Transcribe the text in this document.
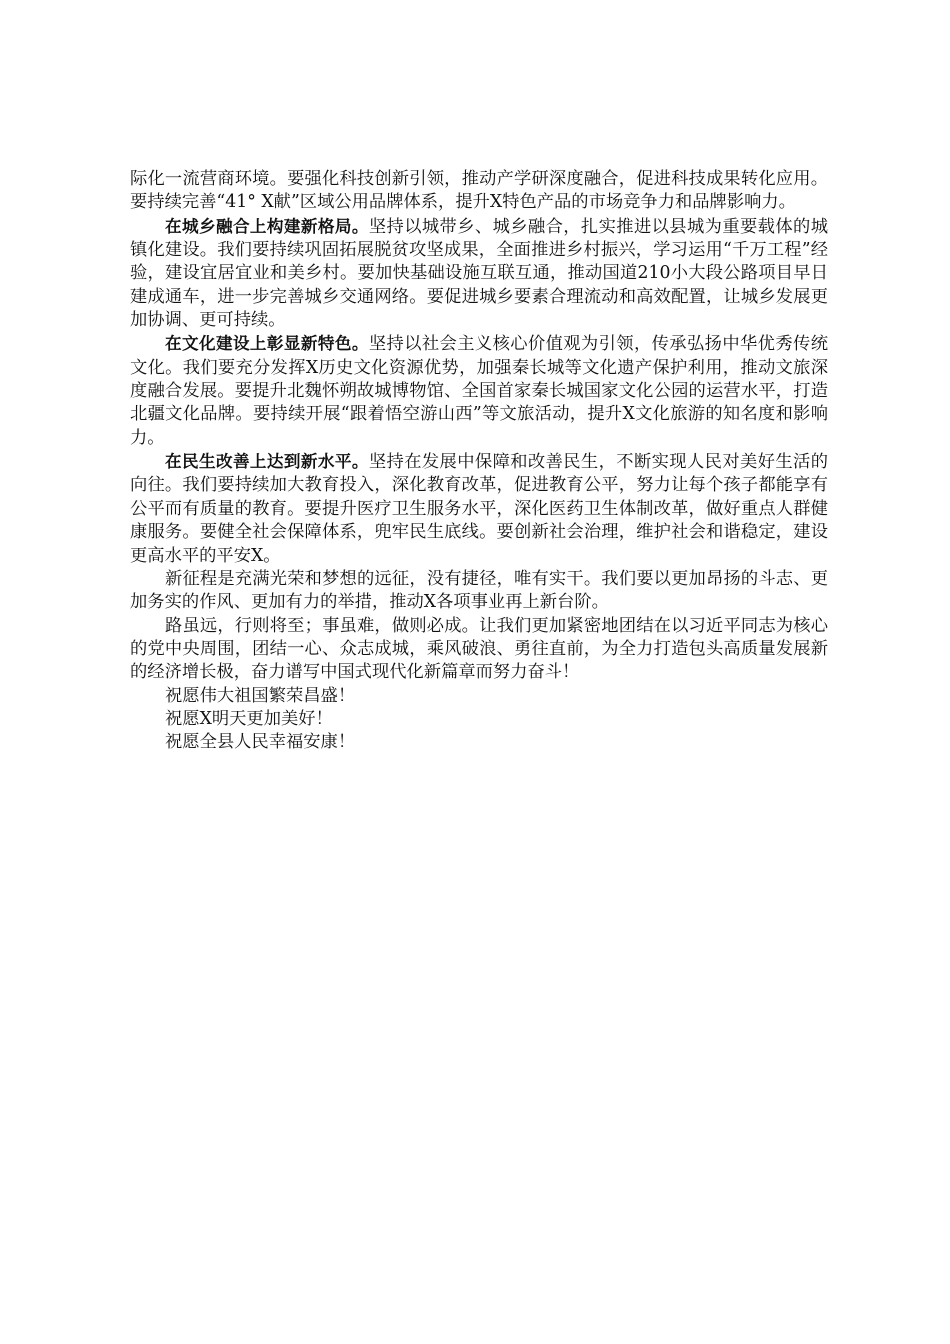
际化一流营商环境。要强化科技创新引领，推动产学研深度融合，促进科技成果转化应用。要持续完善“41° X献”区域公用品牌体系，提升X特色产品的市场竞争力和品牌影响力。

在城乡融合上构建新格局。坚持以城带乡、城乡融合，扎实推进以县城为重要载体的城镇化建设。我们要持续巩固拓展脱贫攻坚成果，全面推进乡村振兴，学习运用“千万工程”经验，建设宜居宜业和美乡村。要加快基础设施互联互通，推动国道210小大段公路项目早日建成通车，进一步完善城乡交通网络。要促进城乡要素合理流动和高效配置，让城乡发展更加协调、更可持续。

在文化建设上彰显新特色。坚持以社会主义核心价值观为引领，传承弘扬中华优秀传统文化。我们要充分发挥X历史文化资源优势，加强秦长城等文化遗产保护利用，推动文旅深度融合发展。要提升北魏怀朔故城博物馆、全国首家秦长城国家文化公园的运营水平，打造北疆文化品牌。要持续开展“跟着悟空游山西”等文旅活动，提升X文化旅游的知名度和影响力。

在民生改善上达到新水平。坚持在发展中保障和改善民生，不断实现人民对美好生活的向往。我们要持续加大教育投入，深化教育改革，促进教育公平，努力让每个孩子都能享有公平而有质量的教育。要提升医疗卫生服务水平，深化医药卫生体制改革，做好重点人群健康服务。要健全社会保障体系，兜牢民生底线。要创新社会治理，维护社会和谐稳定，建设更高水平的平安X。

新征程是充满光荣和梦想的远征，没有捷径，唯有实干。我们要以更加昂扬的斗志、更加务实的作风、更加有力的举措，推动X各项事业再上新台阶。

路虽远，行则将至；事虽难，做则必成。让我们更加紧密地团结在以习近平同志为核心的党中央周围，团结一心、众志成城，乘风破浪、勇往直前，为全力打造包头高质量发展新的经济增长极，奋力谱写中国式现代化新篇章而努力奋斗！

祝愿伟大祖国繁荣昌盛！

祝愿X明天更加美好！

祝愿全县人民幸福安康！
